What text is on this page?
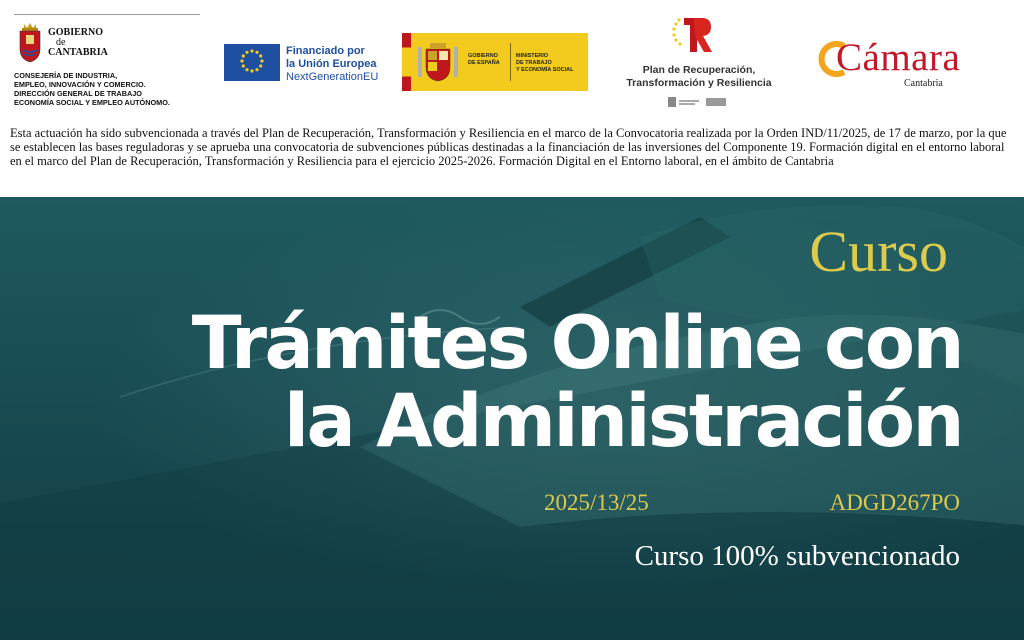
GOBIERNO
de
CANTABRIA
CONSEJERÍA DE INDUSTRIA,
EMPLEO, INNOVACIÓN Y COMERCIO.
DIRECCIÓN GENERAL DE TRABAJO
ECONOMÍA SOCIAL Y EMPLEO AUTÓNOMO.
Financiado por
la Unión Europea
NextGenerationEU
GOBIERNO
DE ESPAÑA
MINISTERIO
DE TRABAJO
Y ECONOMÍA SOCIAL	Plan de Recuperación,
Transformación y Resiliencia
Cámara
Cantabria

Esta actuación ha sido subvencionada a través del Plan de Recuperación, Transformación y Resiliencia en el marco de la Convocatoria realizada por la Orden IND/11/2025, de 17 de marzo, por la que se establecen las bases reguladoras y se aprueba una convocatoria de subvenciones públicas destinadas a la financiación de las inversiones del Componente 19. Formación digital en el entorno laboral en el marco del Plan de Recuperación, Transformación y Resiliencia para el ejercicio 2025-2026. Formación Digital en el Entorno laboral, en el ámbito de Cantabria

Curso
Trámites Online con
la Administración
2025/13/25	ADGD267PO
Curso 100% subvencionado
